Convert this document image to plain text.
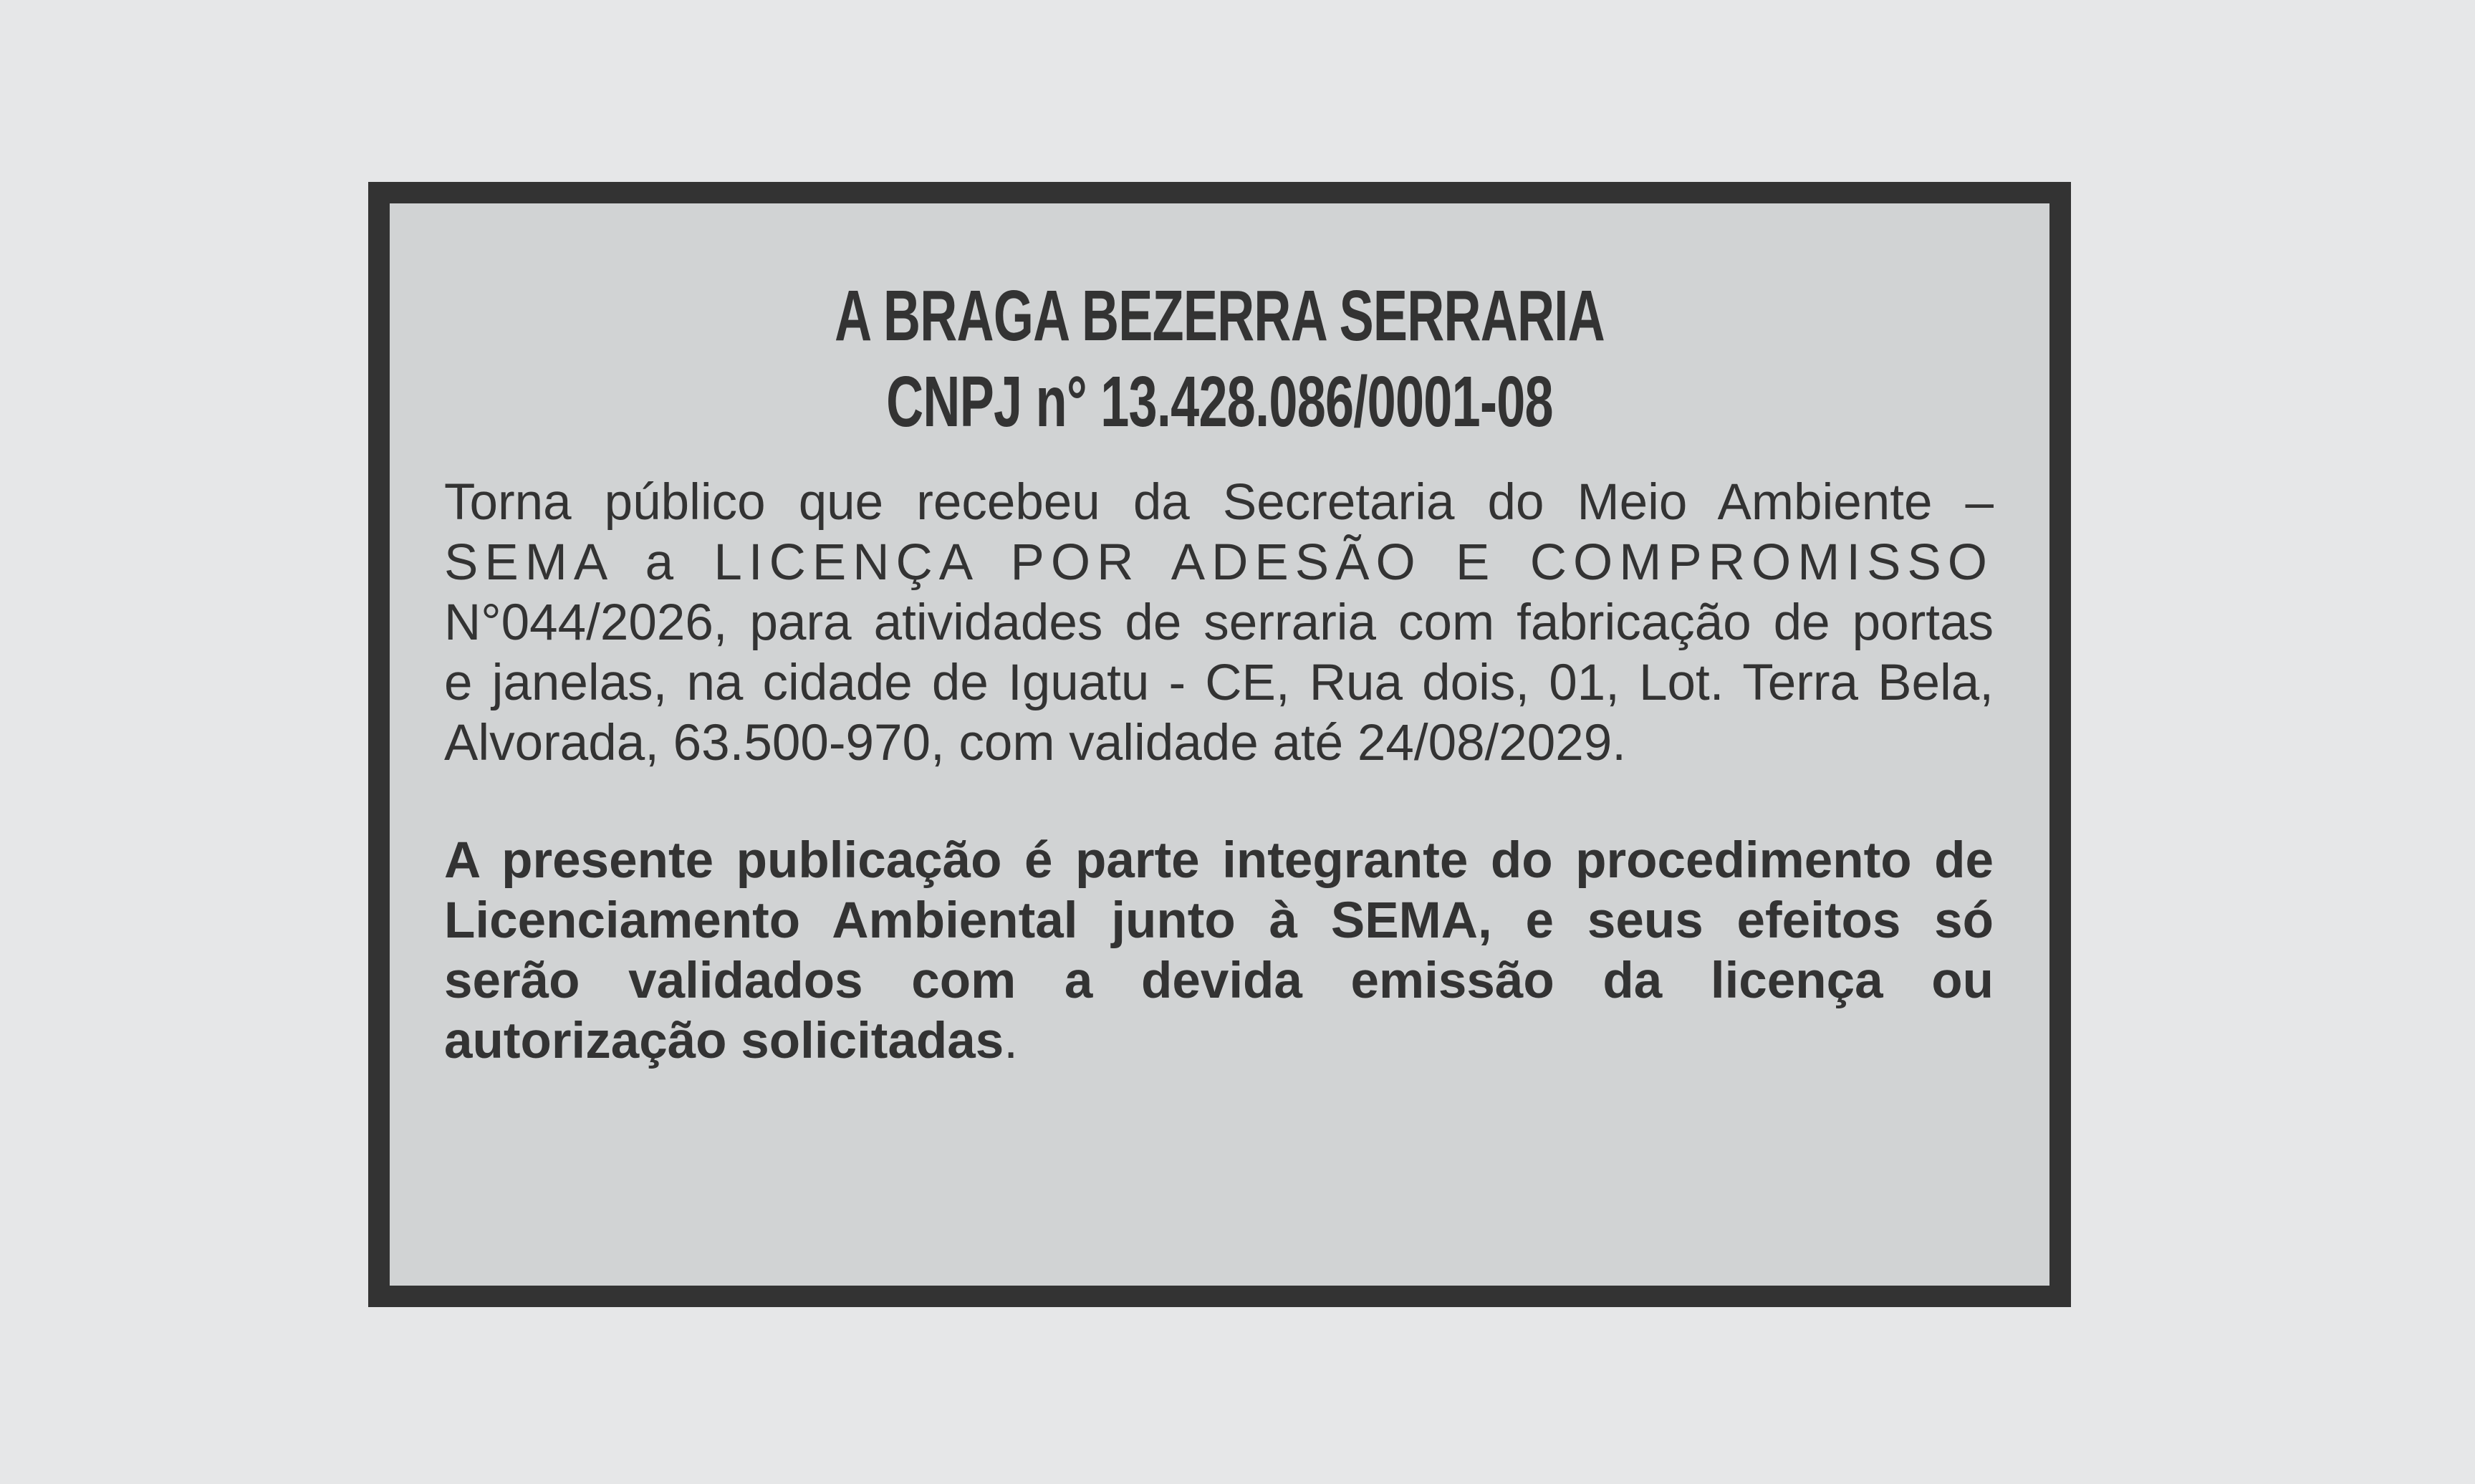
A BRAGA BEZERRA SERRARIA
CNPJ n° 13.428.086/0001-08
Torna público que recebeu da Secretaria do Meio Ambiente –
SEMA a LICENÇA POR ADESÃO E COMPROMISSO
N°044/2026, para atividades de serraria com fabricação de portas
e janelas, na cidade de Iguatu - CE, Rua dois, 01, Lot. Terra Bela,
Alvorada, 63.500-970, com validade até 24/08/2029.
A presente publicação é parte integrante do procedimento de
Licenciamento Ambiental junto à SEMA, e seus efeitos só
serão validados com a devida emissão da licença ou
autorização solicitadas.
